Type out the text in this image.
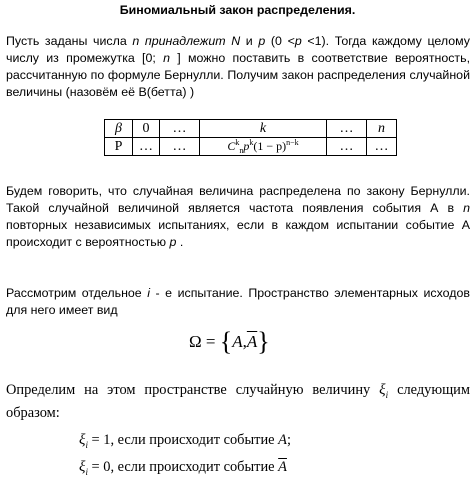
Биномиальный закон распределения.
Пусть заданы числа n принадлежит N и p (0 <p <1). Тогда каждому целому числу из промежутка [0; n ] можно поставить в соответствие вероятность, рассчитанную по формуле Бернулли. Получим закон распределения случайной величины (назовём её В(бетта) )
β	0	…	k	…	n
P	…	…	$C^k_np^k(1 - p)^{n-k}$	…	…
Будем говорить, что случайная величина распределена по закону Бернулли. Такой случайной величиной является частота появления события А в n повторных независимых испытаниях, если в каждом испытании событие А происходит с вероятностью p .
Рассмотрим отдельное i - е испытание. Пространство элементарных исходов для него имеет вид
$\Omega = \{A,\overline{A}\}$
Определим на этом пространстве случайную величину $\xi_i$ следующим образом:
$\xi_i = 1$, если происходит событие A;
$\xi_i = 0$, если происходит событие $\overline{A}$
